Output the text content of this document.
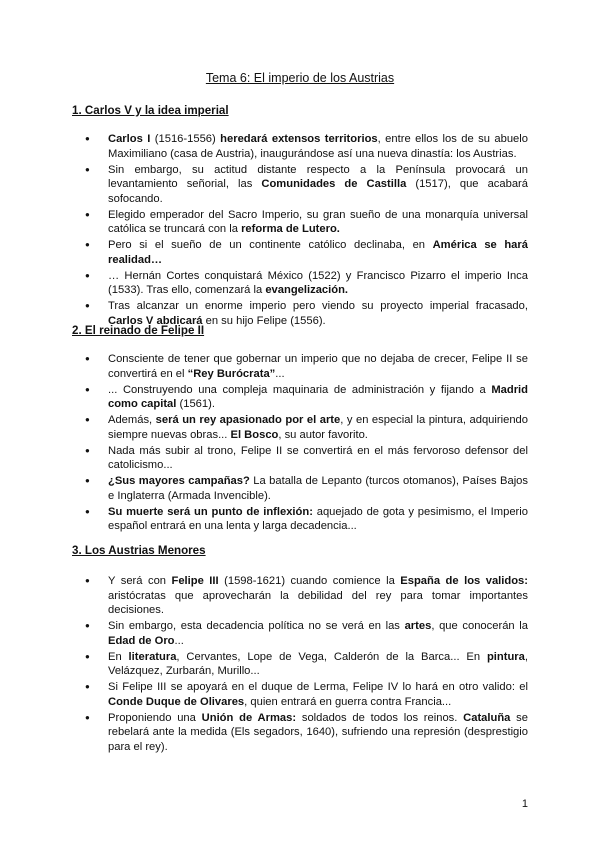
Tema 6: El imperio de los Austrias
1. Carlos V y la idea imperial
● Carlos I (1516-1556) heredará extensos territorios, entre ellos los de su abuelo Maximiliano (casa de Austria), inaugurándose así una nueva dinastía: los Austrias.
● Sin embargo, su actitud distante respecto a la Península provocará un levantamiento señorial, las Comunidades de Castilla (1517), que acabará sofocando.
● Elegido emperador del Sacro Imperio, su gran sueño de una monarquía universal católica se truncará con la reforma de Lutero.
● Pero si el sueño de un continente católico declinaba, en América se hará realidad…
● … Hernán Cortes conquistará México (1522) y Francisco Pizarro el imperio Inca (1533). Tras ello, comenzará la evangelización.
● Tras alcanzar un enorme imperio pero viendo su proyecto imperial fracasado, Carlos V abdicará en su hijo Felipe (1556).
2. El reinado de Felipe II
● Consciente de tener que gobernar un imperio que no dejaba de crecer, Felipe II se convertirá en el “Rey Burócrata”...
● ... Construyendo una compleja maquinaria de administración y fijando a Madrid como capital (1561).
● Además, será un rey apasionado por el arte, y en especial la pintura, adquiriendo siempre nuevas obras... El Bosco, su autor favorito.
● Nada más subir al trono, Felipe II se convertirá en el más fervoroso defensor del catolicismo...
● ¿Sus mayores campañas? La batalla de Lepanto (turcos otomanos), Países Bajos e Inglaterra (Armada Invencible).
● Su muerte será un punto de inflexión: aquejado de gota y pesimismo, el Imperio español entrará en una lenta y larga decadencia...
3. Los Austrias Menores
● Y será con Felipe III (1598-1621) cuando comience la España de los validos: aristócratas que aprovecharán la debilidad del rey para tomar importantes decisiones.
● Sin embargo, esta decadencia política no se verá en las artes, que conocerán la Edad de Oro...
● En literatura, Cervantes, Lope de Vega, Calderón de la Barca... En pintura, Velázquez, Zurbarán, Murillo...
● Si Felipe III se apoyará en el duque de Lerma, Felipe IV lo hará en otro valido: el Conde Duque de Olivares, quien entrará en guerra contra Francia...
● Proponiendo una Unión de Armas: soldados de todos los reinos. Cataluña se rebelará ante la medida (Els segadors, 1640), sufriendo una represión (desprestigio para el rey).
1
